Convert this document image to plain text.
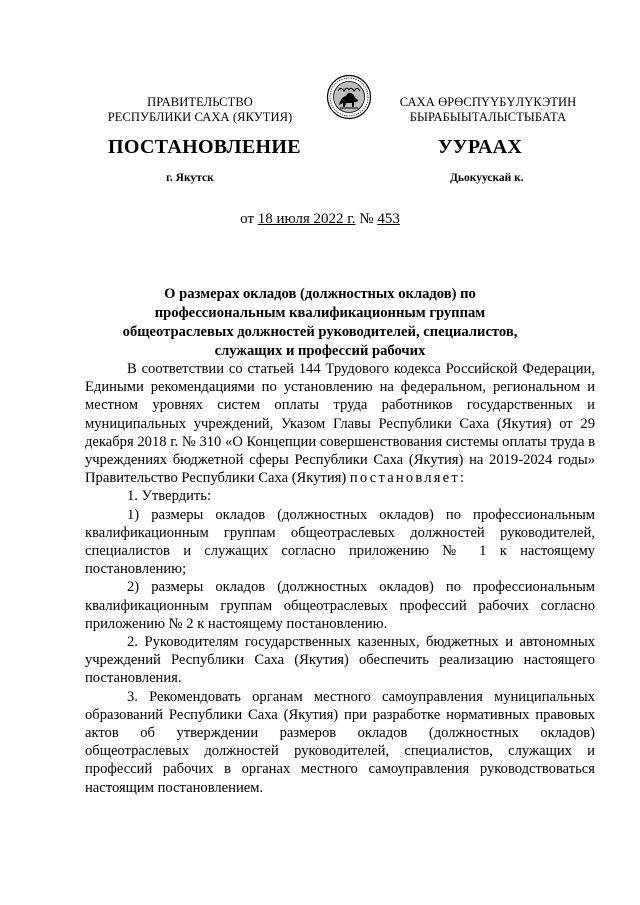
ПРАВИТЕЛЬСТВО
РЕСПУБЛИКИ САХА (ЯКУТИЯ)
САХА ӨРӨСПҮҮБҮЛҮКЭТИН
БЫРАБЫЫТАЛЫСТЫБАТА
ПОСТАНОВЛЕНИЕ	УУРААХ
г. Якутск	Дьокуускай к.
от 18 июля 2022 г. № 453
О размерах окладов (должностных окладов) по профессиональным квалификационным группам общеотраслевых должностей руководителей, специалистов, служащих и профессий рабочих

В соответствии со статьей 144 Трудового кодекса Российской Федерации, Едиными рекомендациями по установлению на федеральном, региональном и местном уровнях систем оплаты труда работников государственных и муниципальных учреждений, Указом Главы Республики Саха (Якутия) от 29 декабря 2018 г. № 310 «О Концепции совершенствования системы оплаты труда в учреждениях бюджетной сферы Республики Саха (Якутия) на 2019-2024 годы» Правительство Республики Саха (Якутия) постановляет:

1. Утвердить:

1) размеры окладов (должностных окладов) по профессиональным квалификационным группам общеотраслевых должностей руководителей, специалистов и служащих согласно приложению № 1 к настоящему постановлению;

2) размеры окладов (должностных окладов) по профессиональным квалификационным группам общеотраслевых профессий рабочих согласно приложению № 2 к настоящему постановлению.

2. Руководителям государственных казенных, бюджетных и автономных учреждений Республики Саха (Якутия) обеспечить реализацию настоящего постановления.

3. Рекомендовать органам местного самоуправления муниципальных образований Республики Саха (Якутия) при разработке нормативных правовых актов об утверждении размеров окладов (должностных окладов) общеотраслевых должностей руководителей, специалистов, служащих и профессий рабочих в органах местного самоуправления руководствоваться настоящим постановлением.
